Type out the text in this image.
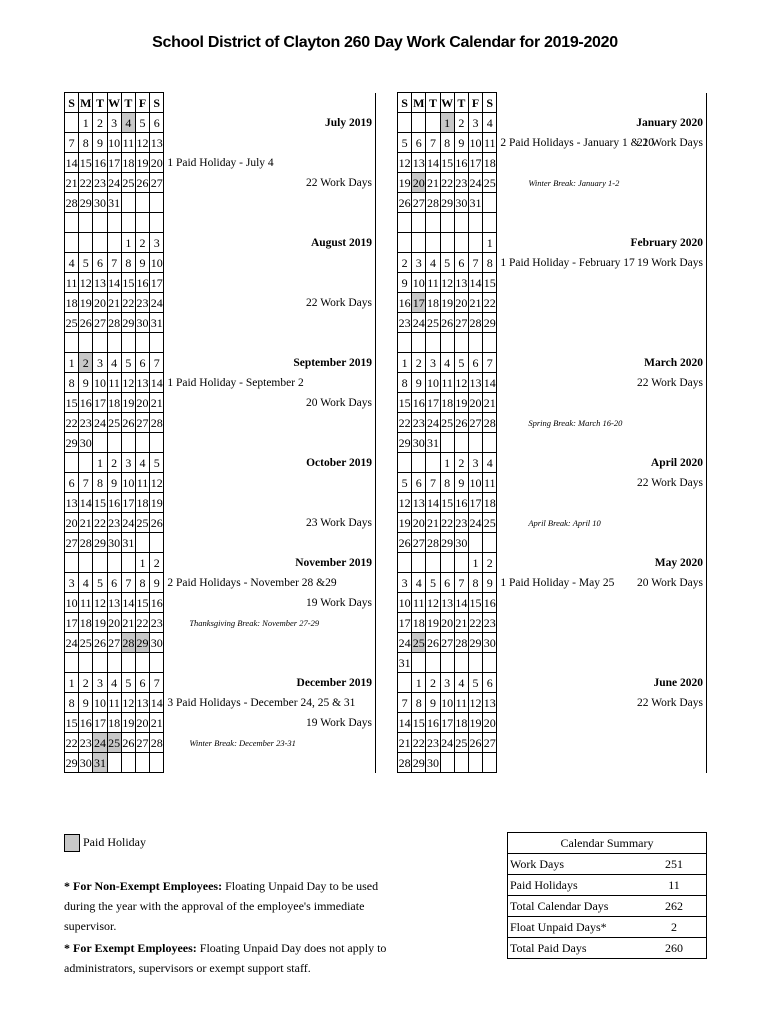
School District of Clayton 260 Day Work Calendar for 2019-2020
S	M	T	W	T	F	S	
	1	2	3	4	5	6	July 2019

7	8	9	10	11	12	13	
14	15	16	17	18	19	20	1 Paid Holiday - July 4
21	22	23	24	25	26	27	22 Work Days

28	29	30	31				

				1	2	3	August 2019

4	5	6	7	8	9	10	
11	12	13	14	15	16	17	
18	19	20	21	22	23	24	22 Work Days

25	26	27	28	29	30	31	

1	2	3	4	5	6	7	September 2019

8	9	10	11	12	13	14	1 Paid Holiday - September 2
15	16	17	18	19	20	21	20 Work Days

22	23	24	25	26	27	28	
29	30						
		1	2	3	4	5	October 2019

6	7	8	9	10	11	12	
13	14	15	16	17	18	19	
20	21	22	23	24	25	26	23 Work Days

27	28	29	30	31			
					1	2	November 2019

3	4	5	6	7	8	9	2 Paid Holidays - November 28 &29
10	11	12	13	14	15	16	19 Work Days

17	18	19	20	21	22	23	Thanksgiving Break: November 27-29
24	25	26	27	28	29	30	

1	2	3	4	5	6	7	December 2019

8	9	10	11	12	13	14	3 Paid Holidays - December 24, 25 & 31
15	16	17	18	19	20	21	19 Work Days

22	23	24	25	26	27	28	Winter Break: December 23-31
29	30	31					
S	M	T	W	T	F	S	
			1	2	3	4	January 2020

5	6	7	8	9	10	11	21 Work Days
2 Paid Holidays - January 1 & 20
12	13	14	15	16	17	18	
19	20	21	22	23	24	25	Winter Break: January 1-2
26	27	28	29	30	31		

						1	February 2020

2	3	4	5	6	7	8	19 Work Days
1 Paid Holiday - February 17
9	10	11	12	13	14	15	
16	17	18	19	20	21	22	
23	24	25	26	27	28	29	

1	2	3	4	5	6	7	March 2020

8	9	10	11	12	13	14	22 Work Days

15	16	17	18	19	20	21	
22	23	24	25	26	27	28	Spring Break: March 16-20
29	30	31					
			1	2	3	4	April 2020

5	6	7	8	9	10	11	22 Work Days

12	13	14	15	16	17	18	
19	20	21	22	23	24	25	April Break: April 10
26	27	28	29	30			
					1	2	May 2020

3	4	5	6	7	8	9	20 Work Days
1 Paid Holiday - May 25
10	11	12	13	14	15	16	
17	18	19	20	21	22	23	
24	25	26	27	28	29	30	
31							
	1	2	3	4	5	6	June 2020

7	8	9	10	11	12	13	22 Work Days

14	15	16	17	18	19	20	
21	22	23	24	25	26	27	
28	29	30					
Paid Holiday
* For Non-Exempt Employees: Floating Unpaid Day to be used during the year with the approval of the employee's immediate supervisor.
* For Exempt Employees: Floating Unpaid Day does not apply to administrators, supervisors or exempt support staff.
Calendar Summary	
Work Days	251
Paid Holidays	11
Total Calendar Days	262
Float Unpaid Days*	2
Total Paid Days	260
